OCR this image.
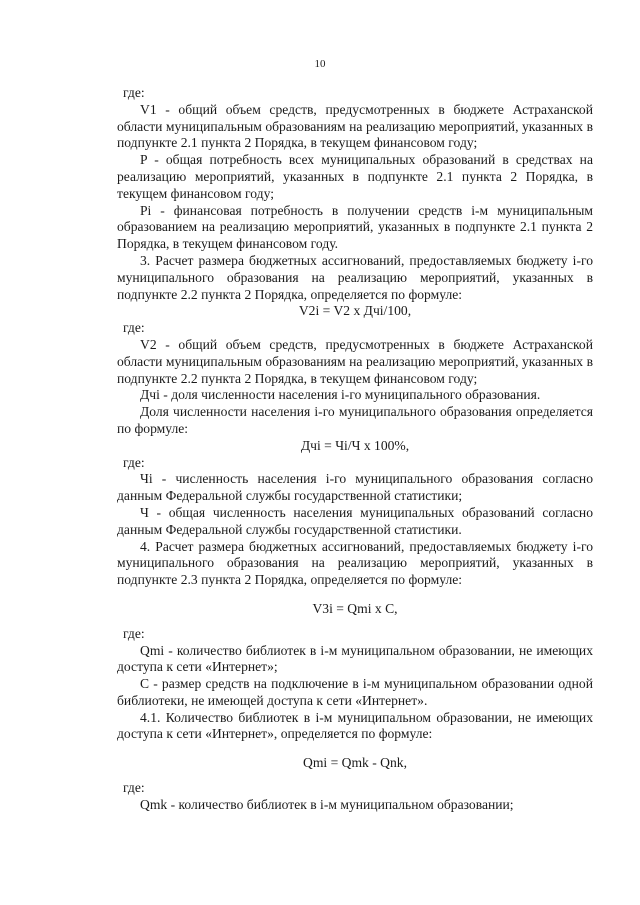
10

где:

V1 - общий объем средств, предусмотренных в бюджете Астраханской области муниципальным образованиям на реализацию мероприятий, указанных в подпункте 2.1 пункта 2 Порядка, в текущем финансовом году;

P - общая потребность всех муниципальных образований в средствах на реализацию мероприятий, указанных в подпункте 2.1 пункта 2 Порядка, в текущем финансовом году;

Pi - финансовая потребность в получении средств i-м муниципальным образованием на реализацию мероприятий, указанных в подпункте 2.1 пункта 2 Порядка, в текущем финансовом году.

3. Расчет размера бюджетных ассигнований, предоставляемых бюджету i-го муниципального образования на реализацию мероприятий, указанных в подпункте 2.2 пункта 2 Порядка, определяется по формуле:

V2i = V2 x Дчi/100,

где:

V2 - общий объем средств, предусмотренных в бюджете Астраханской области муниципальным образованиям на реализацию мероприятий, указанных в подпункте 2.2 пункта 2 Порядка, в текущем финансовом году;

Дчi - доля численности населения i-го муниципального образования.

Доля численности населения i-го муниципального образования определяется по формуле:

Дчi = Чi/Ч x 100%,

где:

Чi - численность населения i-го муниципального образования согласно данным Федеральной службы государственной статистики;

Ч - общая численность населения муниципальных образований согласно данным Федеральной службы государственной статистики.

4. Расчет размера бюджетных ассигнований, предоставляемых бюджету i-го муниципального образования на реализацию мероприятий, указанных в подпункте 2.3 пункта 2 Порядка, определяется по формуле:

V3i = Qmi x C,

где:

Qmi - количество библиотек в i-м муниципальном образовании, не имеющих доступа к сети «Интернет»;

C - размер средств на подключение в i-м муниципальном образовании одной библиотеки, не имеющей доступа к сети «Интернет».

4.1. Количество библиотек в i-м муниципальном образовании, не имеющих доступа к сети «Интернет», определяется по формуле:

Qmi = Qmk - Qnk,

где:

Qmk - количество библиотек в i-м муниципальном образовании;
